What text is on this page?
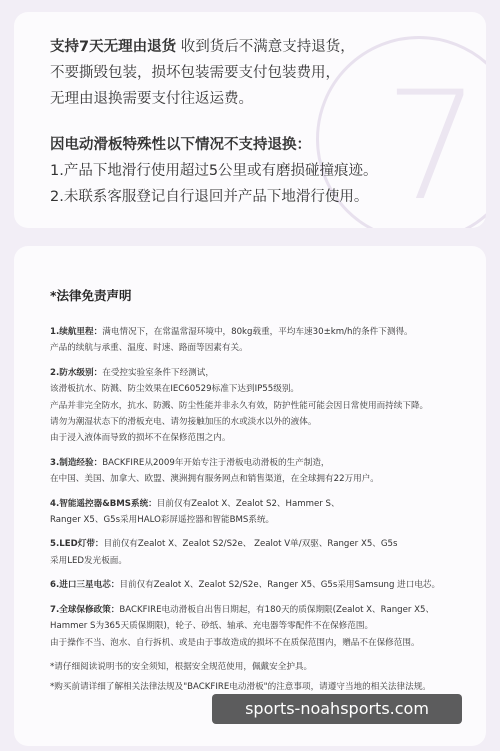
7

支持7天无理由退货 收到货后不满意支持退货，

不要撕毁包装，损坏包装需要支付包装费用，

无理由退换需要支付往返运费。

因电动滑板特殊性以下情况不支持退换：

1.产品下地滑行使用超过5公里或有磨损碰撞痕迹。

2.未联系客服登记自行退回并产品下地滑行使用。

*法律免责声明
1.续航里程：满电情况下，在常温常湿环境中，80kg载重，平均车速30±km/h的条件下测得。
产品的续航与承重、温度、时速、路面等因素有关。
2.防水级别：在受控实验室条件下经测试，
该滑板抗水、防溅、防尘效果在IEC60529标准下达到IP55级别。
产品并非完全防水，抗水、防溅、防尘性能并非永久有效，防护性能可能会因日常使用而持续下降。
请勿为潮湿状态下的滑板充电、请勿接触加压的水或淡水以外的液体。
由于浸入液体而导致的损坏不在保修范围之内。
3.制造经验：BACKFIRE从2009年开始专注于滑板电动滑板的生产制造，
在中国、美国、加拿大、欧盟、澳洲拥有服务网点和销售渠道，在全球拥有22万用户。
4.智能遥控器&BMS系统：目前仅有Zealot X、Zealot S2、Hammer S、
Ranger X5、G5s采用HALO彩屏遥控器和智能BMS系统。
5.LED灯带：目前仅有Zealot X、Zealot S2/S2e、 Zealot V单/双驱、Ranger X5、G5s
采用LED发光板面。
6.进口三星电芯：目前仅有Zealot X、Zealot S2/S2e、Ranger X5、G5s采用Samsung 进口电芯。
7.全球保修政策：BACKFIRE电动滑板自出售日期起，有180天的质保期限(Zealot X、Ranger X5、
Hammer S为365天质保期限)，轮子、砂纸、轴承、充电器等零配件不在保修范围。
由于操作不当、泡水、自行拆机、或是由于事故造成的损坏不在质保范围内，赠品不在保修范围。
*请仔细阅读说明书的安全须知，根据安全规范使用，佩戴安全护具。
*购买前请详细了解相关法律法规及"BACKFIRE电动滑板"的注意事项，请遵守当地的相关法律法规。
sports-noahsports.com
